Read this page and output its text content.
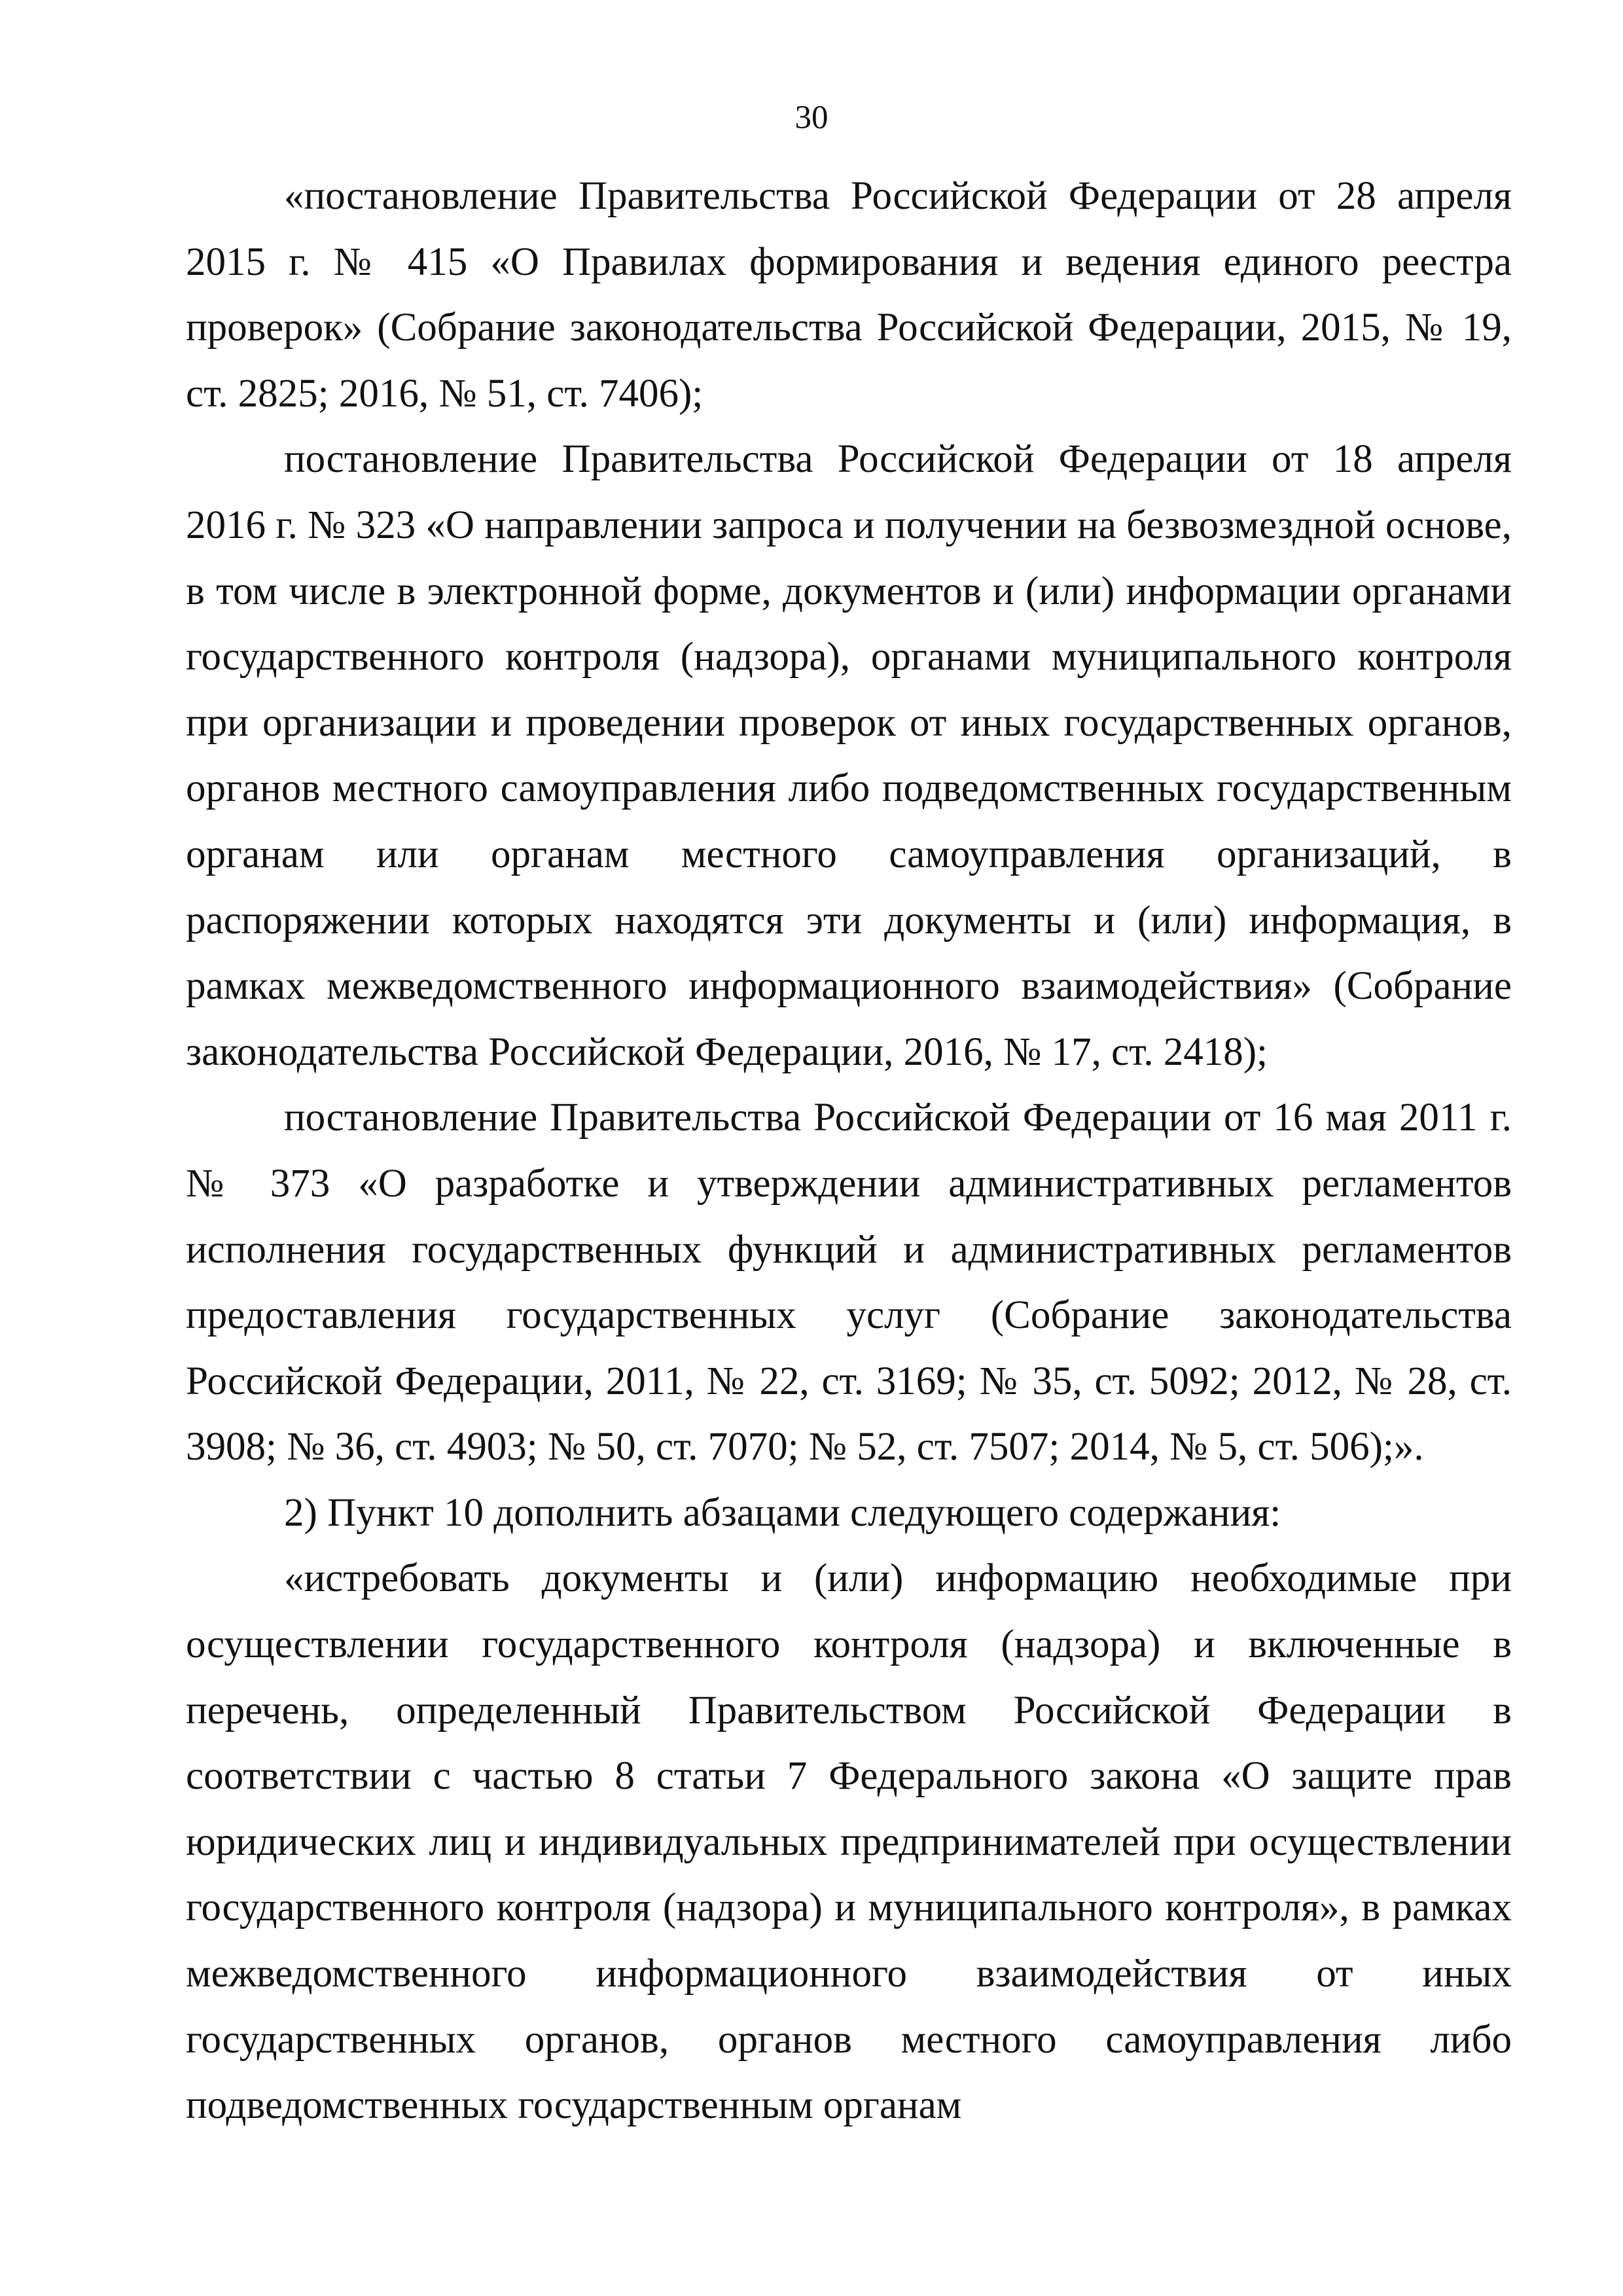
30

«постановление Правительства Российской Федерации от 28 апреля 2015 г. № 415 «О Правилах формирования и ведения единого реестра проверок» (Собрание законодательства Российской Федерации, 2015, № 19, ст. 2825; 2016, № 51, ст. 7406);

постановление Правительства Российской Федерации от 18 апреля 2016 г. № 323 «О направлении запроса и получении на безвозмездной основе, в том числе в электронной форме, документов и (или) информации органами государственного контроля (надзора), органами муниципального контроля при организации и проведении проверок от иных государственных органов, органов местного самоуправления либо подведомственных государственным органам или органам местного самоуправления организаций, в распоряжении которых находятся эти документы и (или) информация, в рамках межведомственного информационного взаимодействия» (Собрание законодательства Российской Федерации, 2016, № 17, ст. 2418);

постановление Правительства Российской Федерации от 16 мая 2011 г. № 373 «О разработке и утверждении административных регламентов исполнения государственных функций и административных регламентов предоставления государственных услуг (Собрание законодательства Российской Федерации, 2011, № 22, ст. 3169; № 35, ст. 5092; 2012, № 28, ст. 3908; № 36, ст. 4903; № 50, ст. 7070; № 52, ст. 7507; 2014, № 5, ст. 506);».

2) Пункт 10 дополнить абзацами следующего содержания:

«истребовать документы и (или) информацию необходимые при осуществлении государственного контроля (надзора) и включенные в перечень, определенный Правительством Российской Федерации в соответствии с частью 8 статьи 7 Федерального закона «О защите прав юридических лиц и индивидуальных предпринимателей при осуществлении государственного контроля (надзора) и муниципального контроля», в рамках межведомственного информационного взаимодействия от иных государственных органов, органов местного самоуправления либо подведомственных государственным органам
